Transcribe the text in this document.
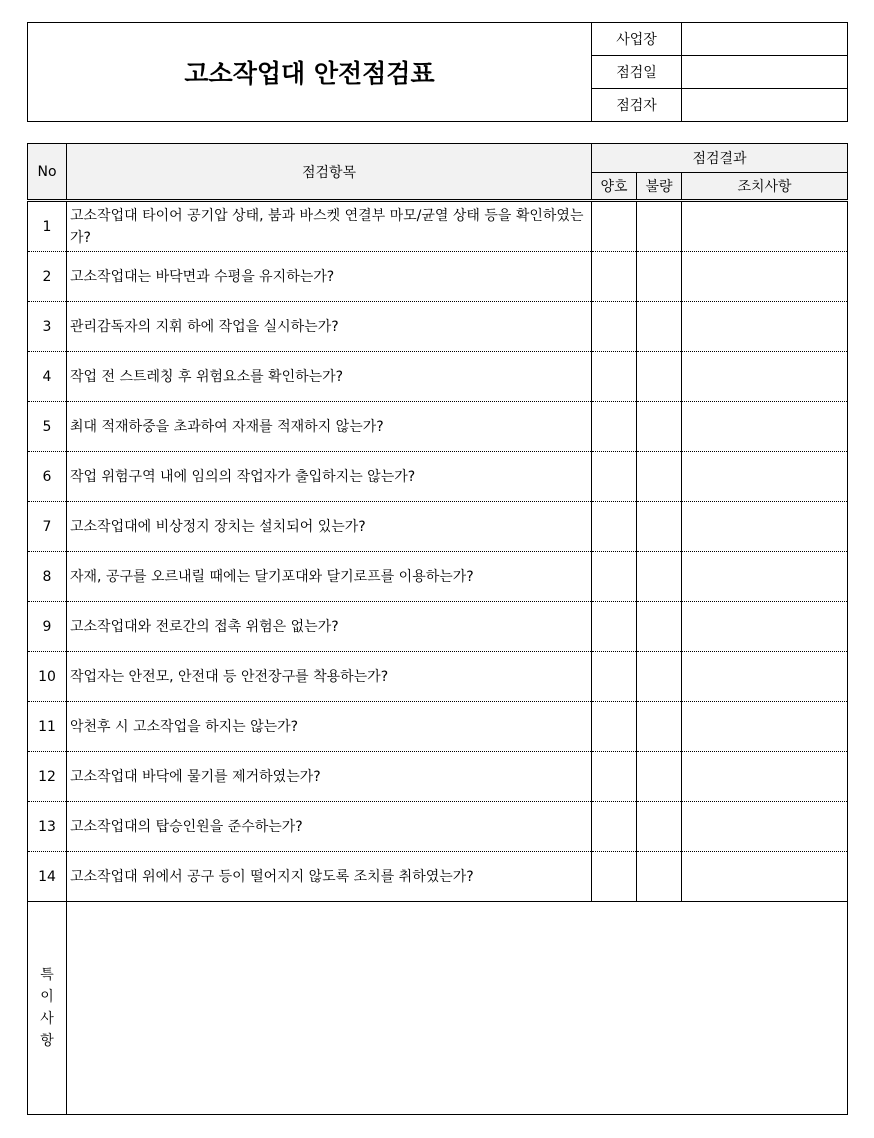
고소작업대 안전점검표	사업장	
	점검일	
	점검자	
No	점검항목	점검결과		
		양호	불량	조치사항
1	고소작업대 타이어 공기압 상태, 붐과 바스켓 연결부 마모/균열 상태 등을 확인하였는가?			
2	고소작업대는 바닥면과 수평을 유지하는가?			
3	관리감독자의 지휘 하에 작업을 실시하는가?			
4	작업 전 스트레칭 후 위험요소를 확인하는가?			
5	최대 적재하중을 초과하여 자재를 적재하지 않는가?			
6	작업 위험구역 내에 임의의 작업자가 출입하지는 않는가?			
7	고소작업대에 비상정지 장치는 설치되어 있는가?			
8	자재, 공구를 오르내릴 때에는 달기포대와 달기로프를 이용하는가?			
9	고소작업대와 전로간의 접촉 위험은 없는가?			
10	작업자는 안전모, 안전대 등 안전장구를 착용하는가?			
11	악천후 시 고소작업을 하지는 않는가?			
12	고소작업대 바닥에 물기를 제거하였는가?			
13	고소작업대의 탑승인원을 준수하는가?			
14	고소작업대 위에서 공구 등이 떨어지지 않도록 조치를 취하였는가?			
특
이
사
항				
